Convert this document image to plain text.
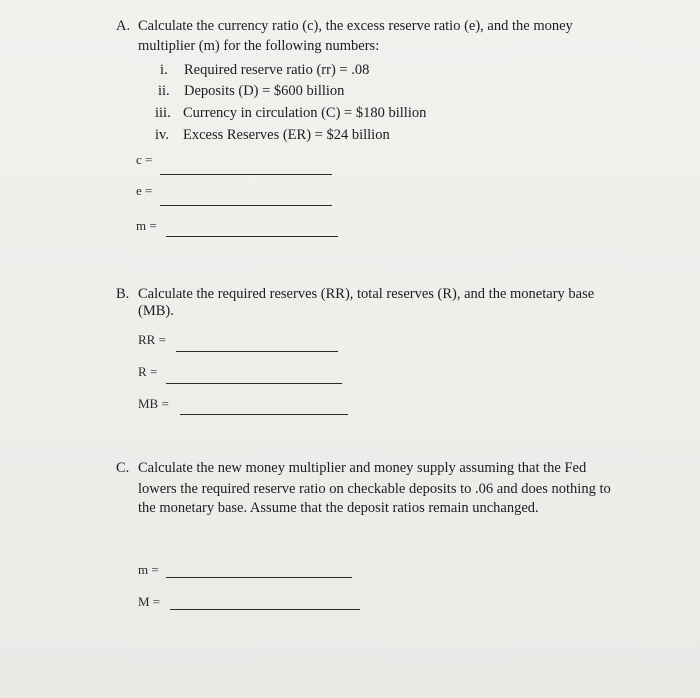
A. Calculate the currency ratio (c), the excess reserve ratio (e), and the money
multiplier (m) for the following numbers:
i. Required reserve ratio (rr) = .08
ii. Deposits (D) = $600 billion
iii. Currency in circulation (C) = $180 billion
iv. Excess Reserves (ER) = $24 billion
c =
e =
m =
B. Calculate the required reserves (RR), total reserves (R), and the monetary base
(MB).
RR =
R =
MB =
C. Calculate the new money multiplier and money supply assuming that the Fed
lowers the required reserve ratio on checkable deposits to .06 and does nothing to
the monetary base. Assume that the deposit ratios remain unchanged.
m =
M =
